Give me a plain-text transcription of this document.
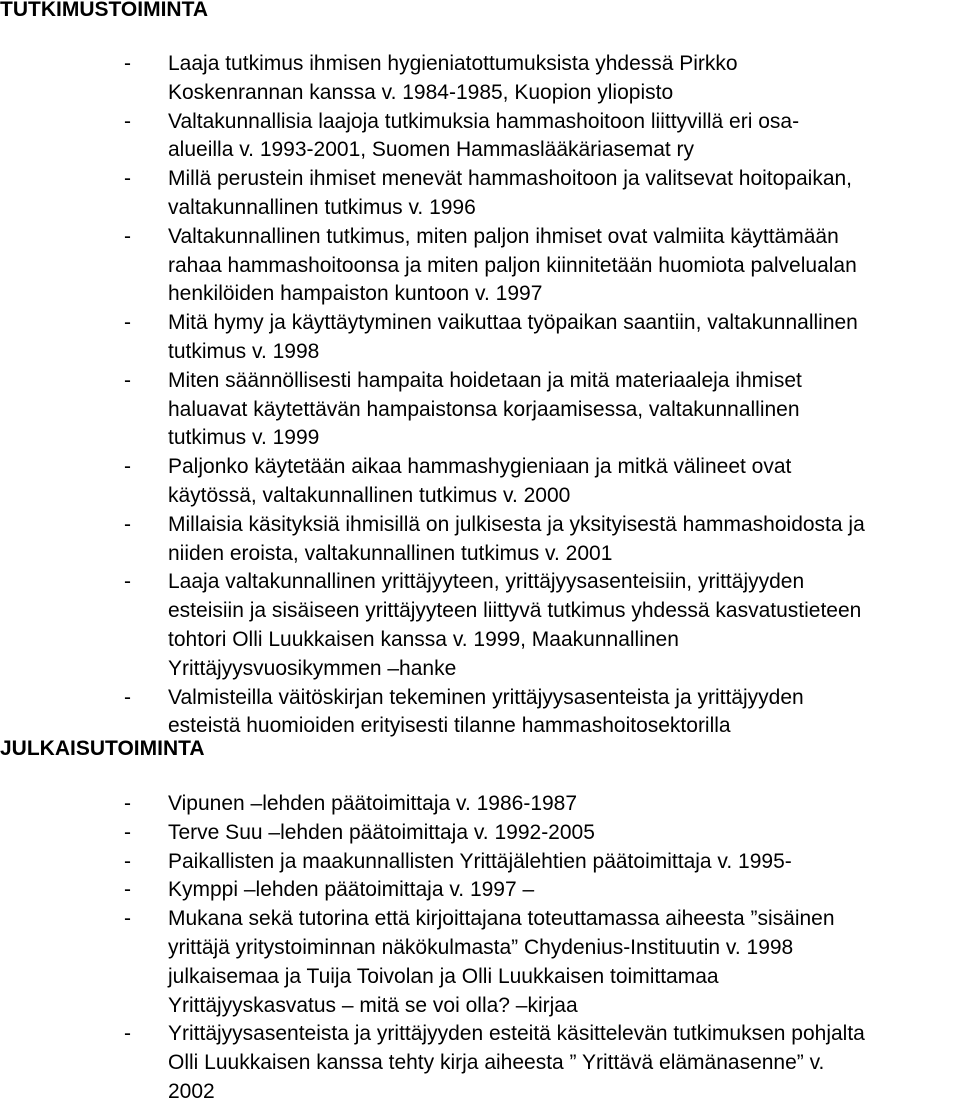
TUTKIMUSTOIMINTA
- Laaja tutkimus ihmisen hygieniatottumuksista yhdessä Pirkko
Koskenrannan kanssa v. 1984-1985, Kuopion yliopisto
- Valtakunnallisia laajoja tutkimuksia hammashoitoon liittyvillä eri osa-
alueilla v. 1993-2001, Suomen Hammaslääkäriasemat ry
- Millä perustein ihmiset menevät hammashoitoon ja valitsevat hoitopaikan,
valtakunnallinen tutkimus v. 1996
- Valtakunnallinen tutkimus, miten paljon ihmiset ovat valmiita käyttämään
rahaa hammashoitoonsa ja miten paljon kiinnitetään huomiota palvelualan
henkilöiden hampaiston kuntoon v. 1997
- Mitä hymy ja käyttäytyminen vaikuttaa työpaikan saantiin, valtakunnallinen
tutkimus v. 1998
- Miten säännöllisesti hampaita hoidetaan ja mitä materiaaleja ihmiset
haluavat käytettävän hampaistonsa korjaamisessa, valtakunnallinen
tutkimus v. 1999
- Paljonko käytetään aikaa hammashygieniaan ja mitkä välineet ovat
käytössä, valtakunnallinen tutkimus v. 2000
- Millaisia käsityksiä ihmisillä on julkisesta ja yksityisestä hammashoidosta ja
niiden eroista, valtakunnallinen tutkimus v. 2001
- Laaja valtakunnallinen yrittäjyyteen, yrittäjyysasenteisiin, yrittäjyyden
esteisiin ja sisäiseen yrittäjyyteen liittyvä tutkimus yhdessä kasvatustieteen
tohtori Olli Luukkaisen kanssa v. 1999, Maakunnallinen
Yrittäjyysvuosikymmen –hanke
- Valmisteilla väitöskirjan tekeminen yrittäjyysasenteista ja yrittäjyyden
esteistä huomioiden erityisesti tilanne hammashoitosektorilla
JULKAISUTOIMINTA
- Vipunen –lehden päätoimittaja v. 1986-1987
- Terve Suu –lehden päätoimittaja v. 1992-2005
- Paikallisten ja maakunnallisten Yrittäjälehtien päätoimittaja v. 1995-
- Kymppi –lehden päätoimittaja v. 1997 –
- Mukana sekä tutorina että kirjoittajana toteuttamassa aiheesta ”sisäinen
yrittäjä yritystoiminnan näkökulmasta” Chydenius-Instituutin v. 1998
julkaisemaa ja Tuija Toivolan ja Olli Luukkaisen toimittamaa
Yrittäjyyskasvatus – mitä se voi olla? –kirjaa
- Yrittäjyysasenteista ja yrittäjyyden esteitä käsittelevän tutkimuksen pohjalta
Olli Luukkaisen kanssa tehty kirja aiheesta ” Yrittävä elämänasenne” v.
2002
